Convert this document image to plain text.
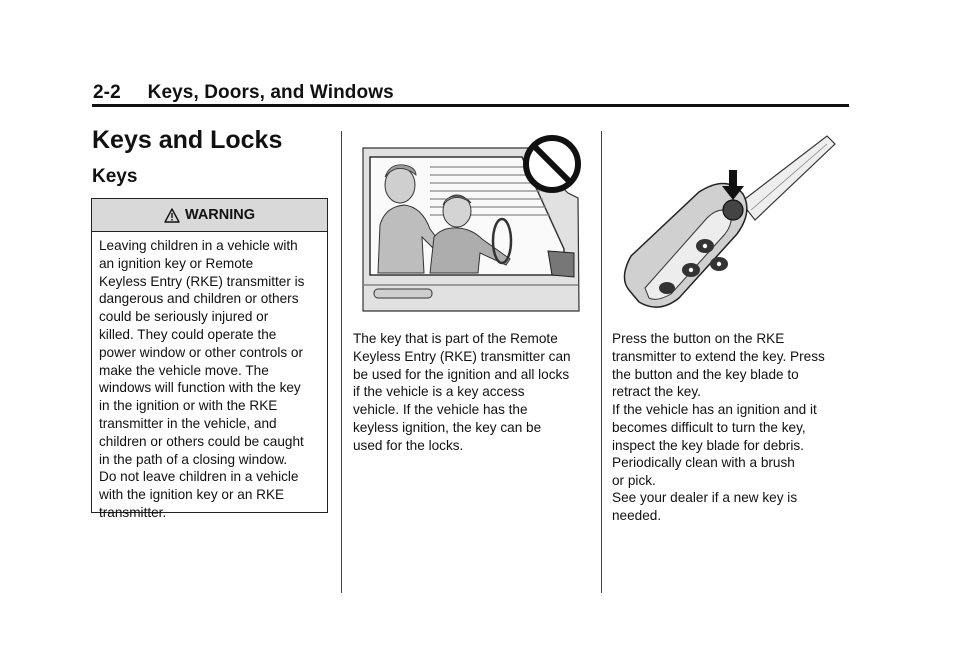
2-2     Keys, Doors, and Windows
Keys and Locks
Keys
WARNING
Leaving children in a vehicle with
an ignition key or Remote
Keyless Entry (RKE) transmitter is
dangerous and children or others
could be seriously injured or
killed. They could operate the
power window or other controls or
make the vehicle move. The
windows will function with the key
in the ignition or with the RKE
transmitter in the vehicle, and
children or others could be caught
in the path of a closing window.
Do not leave children in a vehicle
with the ignition key or an RKE
transmitter.
The key that is part of the Remote
Keyless Entry (RKE) transmitter can
be used for the ignition and all locks
if the vehicle is a key access
vehicle. If the vehicle has the
keyless ignition, the key can be
used for the locks.
Press the button on the RKE
transmitter to extend the key. Press
the button and the key blade to
retract the key.
If the vehicle has an ignition and it
becomes difficult to turn the key,
inspect the key blade for debris.
Periodically clean with a brush
or pick.
See your dealer if a new key is
needed.
